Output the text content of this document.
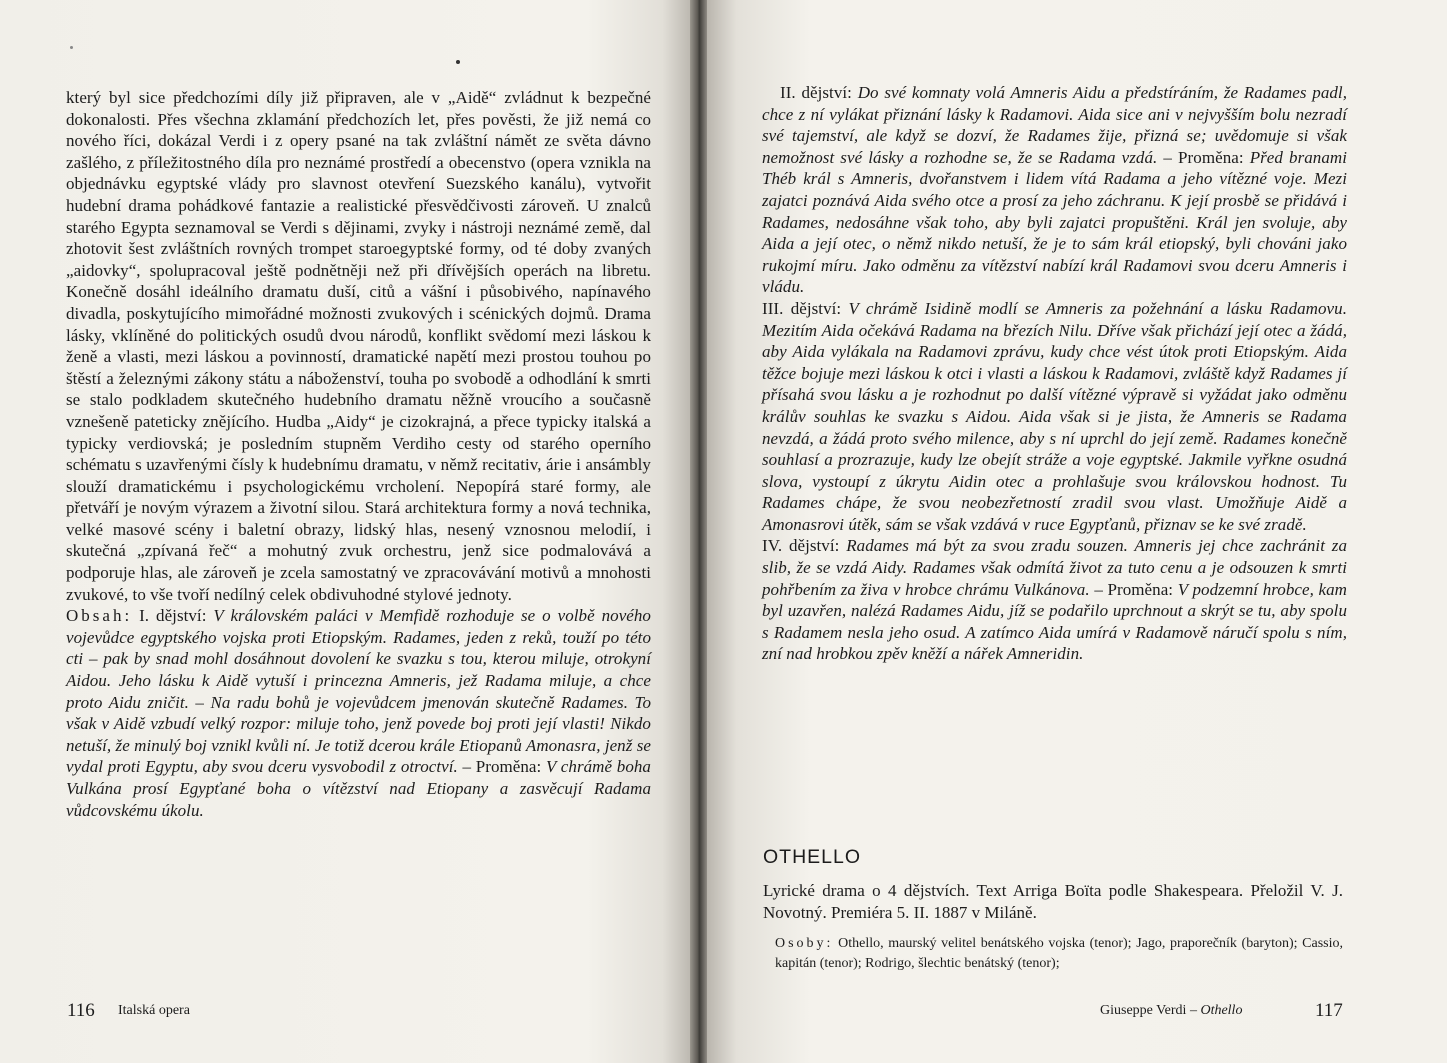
který byl sice předchozími díly již připraven, ale v „Aidě“ zvládnut k bezpečné dokonalosti. Přes všechna zklamání předchozích let, přes pověsti, že již nemá co nového říci, dokázal Verdi i z opery psané na tak zvláštní námět ze světa dávno zašlého, z příležitostného díla pro neznámé prostředí a obecenstvo (opera vznikla na objednávku egyptské vlády pro slavnost otevření Suezského kanálu), vytvořit hudební drama pohádkové fantazie a realistické přesvědčivosti zároveň. U znalců starého Egypta seznamoval se Verdi s dějinami, zvyky i nástroji neznámé země, dal zhotovit šest zvláštních rovných trompet staroegyptské formy, od té doby zvaných „aidovky“, spolupracoval ještě podnětněji než při dřívějších operách na libretu. Konečně dosáhl ideálního dramatu duší, citů a vášní i působivého, napínavého divadla, poskytujícího mimořádné možnosti zvukových i scénických dojmů. Drama lásky, vklíněné do politických osudů dvou národů, konflikt svědomí mezi láskou k ženě a vlasti, mezi láskou a povinností, dramatické napětí mezi prostou touhou po štěstí a železnými zákony státu a náboženství, touha po svobodě a odhodlání k smrti se stalo podkladem skutečného hudebního dramatu něžně vroucího a současně vznešeně pateticky znějícího. Hudba „Aidy“ je cizokrajná, a přece typicky italská a typicky verdiovská; je posledním stupněm Verdiho cesty od starého operního schématu s uzavřenými čísly k hudebnímu dramatu, v němž recitativ, árie i ansámbly slouží dramatickému i psychologickému vrcholení. Nepopírá staré formy, ale přetváří je novým výrazem a životní silou. Stará architektura formy a nová technika, velké masové scény i baletní obrazy, lidský hlas, nesený vznosnou melodií, i skutečná „zpívaná řeč“ a mohutný zvuk orchestru, jenž sice podmalovává a podporuje hlas, ale zároveň je zcela samostatný ve zpracovávání motivů a mnohosti zvukové, to vše tvoří nedílný celek obdivuhodné stylové jednoty.

Obsah: I. dějství: V královském paláci v Memfidě rozhoduje se o volbě nového vojevůdce egyptského vojska proti Etiopským. Radames, jeden z reků, touží po této cti – pak by snad mohl dosáhnout dovolení ke svazku s tou, kterou miluje, otrokyní Aidou. Jeho lásku k Aidě vytuší i princezna Amneris, jež Radama miluje, a chce proto Aidu zničit. – Na radu bohů je vojevůdcem jmenován skutečně Radames. To však v Aidě vzbudí velký rozpor: miluje toho, jenž povede boj proti její vlasti! Nikdo netuší, že minulý boj vznikl kvůli ní. Je totiž dcerou krále Etiopanů Amonasra, jenž se vydal proti Egyptu, aby svou dceru vysvobodil z otroctví. – Proměna: V chrámě boha Vulkána prosí Egypťané boha o vítězství nad Etiopany a zasvěcují Radama vůdcovskému úkolu.

116 Italská opera

II. dějství: Do své komnaty volá Amneris Aidu a předstíráním, že Radames padl, chce z ní vylákat přiznání lásky k Radamovi. Aida sice ani v nejvyšším bolu nezradí své tajemství, ale když se dozví, že Radames žije, přizná se; uvědomuje si však nemožnost své lásky a rozhodne se, že se Radama vzdá. – Proměna: Před branami Théb král s Amneris, dvořanstvem i lidem vítá Radama a jeho vítězné voje. Mezi zajatci poznává Aida svého otce a prosí za jeho záchranu. K její prosbě se přidává i Radames, nedosáhne však toho, aby byli zajatci propuštěni. Král jen svoluje, aby Aida a její otec, o němž nikdo netuší, že je to sám král etiopský, byli chováni jako rukojmí míru. Jako odměnu za vítězství nabízí král Radamovi svou dceru Amneris i vládu.

III. dějství: V chrámě Isidině modlí se Amneris za požehnání a lásku Radamovu. Mezitím Aida očekává Radama na březích Nilu. Dříve však přichází její otec a žádá, aby Aida vylákala na Radamovi zprávu, kudy chce vést útok proti Etiopským. Aida těžce bojuje mezi láskou k otci i vlasti a láskou k Radamovi, zvláště když Radames jí přísahá svou lásku a je rozhodnut po další vítězné výpravě si vyžádat jako odměnu králův souhlas ke svazku s Aidou. Aida však si je jista, že Amneris se Radama nevzdá, a žádá proto svého milence, aby s ní uprchl do její země. Radames konečně souhlasí a prozrazuje, kudy lze obejít stráže a voje egyptské. Jakmile vyřkne osudná slova, vystoupí z úkrytu Aidin otec a prohlašuje svou královskou hodnost. Tu Radames chápe, že svou neobezřetností zradil svou vlast. Umožňuje Aidě a Amonasrovi útěk, sám se však vzdává v ruce Egypťanů, přiznav se ke své zradě.

IV. dějství: Radames má být za svou zradu souzen. Amneris jej chce zachránit za slib, že se vzdá Aidy. Radames však odmítá život za tuto cenu a je odsouzen k smrti pohřbením za živa v hrobce chrámu Vulkánova. – Proměna: V podzemní hrobce, kam byl uzavřen, nalézá Radames Aidu, jíž se podařilo uprchnout a skrýt se tu, aby spolu s Radamem nesla jeho osud. A zatímco Aida umírá v Radamově náručí spolu s ním, zní nad hrobkou zpěv kněží a nářek Amneridin.

OTHELLO

Lyrické drama o 4 dějstvích. Text Arriga Boïta podle Shakespeara. Přeložil V. J. Novotný. Premiéra 5. II. 1887 v Miláně.

Osoby: Othello, maurský velitel benátského vojska (tenor); Jago, praporečník (baryton); Cassio, kapitán (tenor); Rodrigo, šlechtic benátský (tenor);

Giuseppe Verdi – Othello	117
